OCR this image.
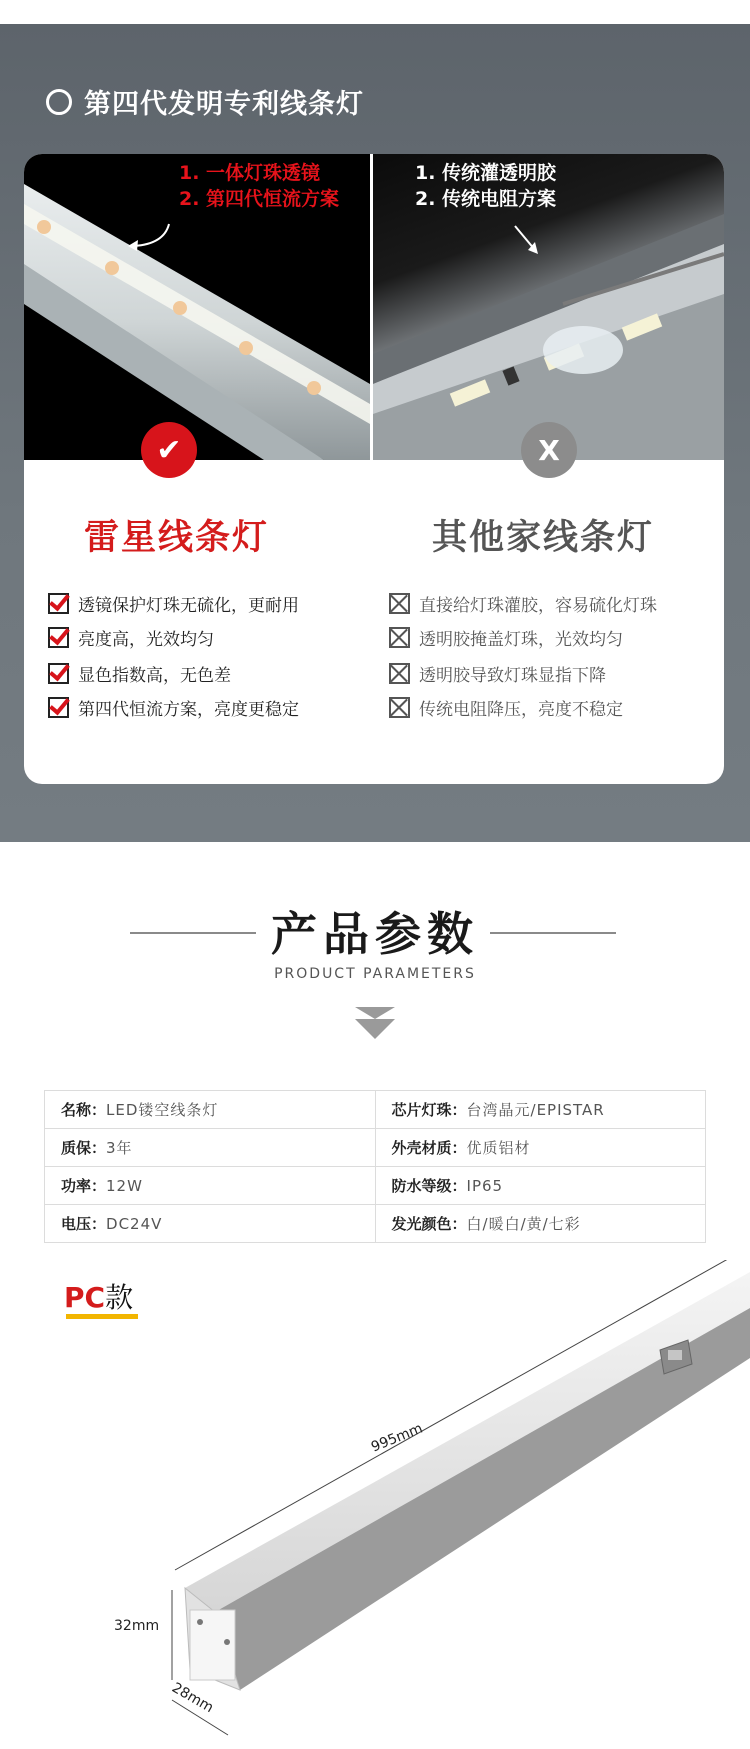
第四代发明专利线条灯
1. 一体灯珠透镜
2. 第四代恒流方案
1. 传统灌透明胶
2. 传统电阻方案
✔	X
雷星线条灯	其他家线条灯
透镜保护灯珠无硫化，更耐用
亮度高，光效均匀
显色指数高，无色差
第四代恒流方案，亮度更稳定
直接给灯珠灌胶，容易硫化灯珠
透明胶掩盖灯珠，光效均匀
透明胶导致灯珠显指下降
传统电阻降压，亮度不稳定
产品参数
PRODUCT PARAMETERS
名称：LED镂空线条灯	芯片灯珠：台湾晶元/EPISTAR
质保：3年	外壳材质：优质铝材
功率：12W	防水等级：IP65
电压：DC24V	发光颜色：白/暖白/黄/七彩
PC款
995mm
32mm
28mm
